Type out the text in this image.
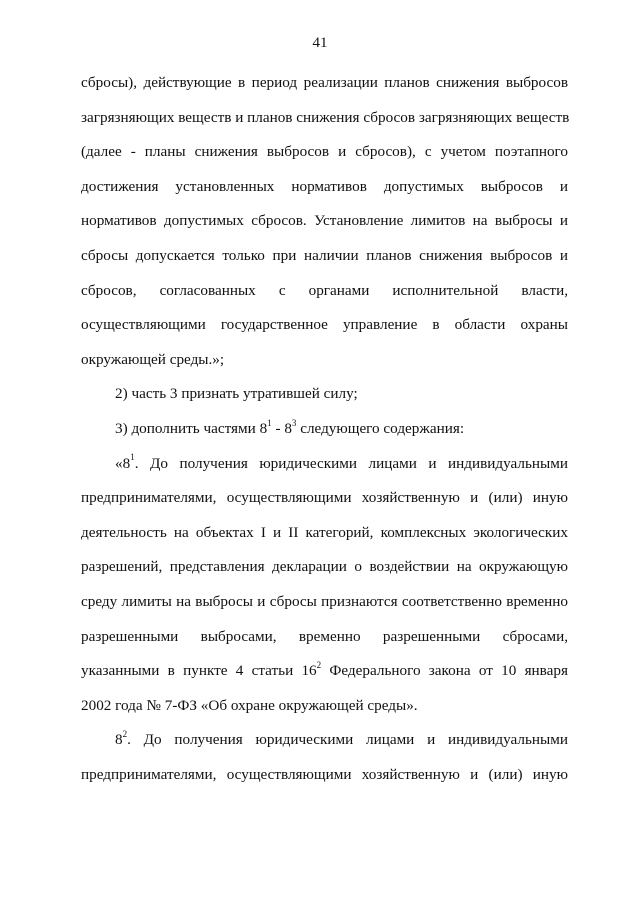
41
сбросы), действующие в период реализации планов снижения выбросов
загрязняющих веществ и планов снижения сбросов загрязняющих веществ
(далее - планы снижения выбросов и сбросов), с учетом поэтапного
достижения установленных нормативов допустимых выбросов и
нормативов допустимых сбросов. Установление лимитов на выбросы и
сбросы допускается только при наличии планов снижения выбросов и
сбросов, согласованных с органами исполнительной власти,
осуществляющими государственное управление в области охраны
окружающей среды.»;
2) часть 3 признать утратившей силу;
3) дополнить частями $8^1 - 8^3$ следующего содержания:
«$8^1$. До получения юридическими лицами и индивидуальными
предпринимателями, осуществляющими хозяйственную и (или) иную
деятельность на объектах I и II категорий, комплексных экологических
разрешений, представления декларации о воздействии на окружающую
среду лимиты на выбросы и сбросы признаются соответственно временно
разрешенными выбросами, временно разрешенными сбросами,
указанными в пункте 4 статьи $16^2$ Федерального закона от 10 января
2002 года № 7-ФЗ «Об охране окружающей среды».
$8^2$. До получения юридическими лицами и индивидуальными
предпринимателями, осуществляющими хозяйственную и (или) иную
